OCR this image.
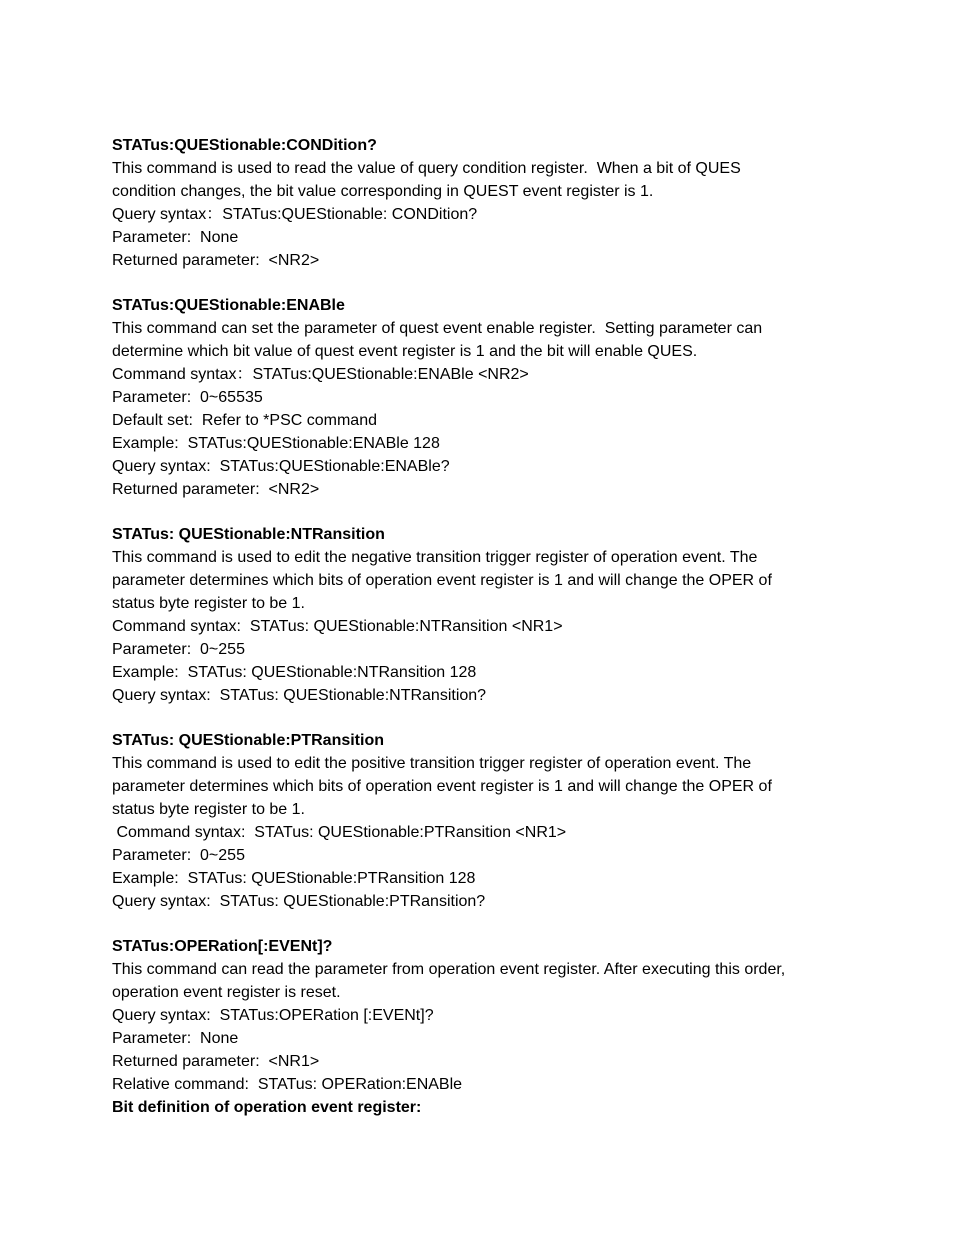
STATus:QUEStionable:CONDition?
This command is used to read the value of query condition register.  When a bit of QUES
condition changes, the bit value corresponding in QUEST event register is 1.
Query syntax：STATus:QUEStionable: CONDition?
Parameter:  None
Returned parameter:  <NR2>
STATus:QUEStionable:ENABle
This command can set the parameter of quest event enable register.  Setting parameter can
determine which bit value of quest event register is 1 and the bit will enable QUES.
Command syntax：STATus:QUEStionable:ENABle <NR2>
Parameter:  0~65535
Default set:  Refer to *PSC command
Example:  STATus:QUEStionable:ENABle 128
Query syntax:  STATus:QUEStionable:ENABle?
Returned parameter:  <NR2>
STATus: QUEStionable:NTRansition
This command is used to edit the negative transition trigger register of operation event. The
parameter determines which bits of operation event register is 1 and will change the OPER of
status byte register to be 1.
Command syntax:  STATus: QUEStionable:NTRansition <NR1>
Parameter:  0~255
Example:  STATus: QUEStionable:NTRansition 128
Query syntax:  STATus: QUEStionable:NTRansition?
STATus: QUEStionable:PTRansition
This command is used to edit the positive transition trigger register of operation event. The
parameter determines which bits of operation event register is 1 and will change the OPER of
status byte register to be 1.
Command syntax:  STATus: QUEStionable:PTRansition <NR1>
Parameter:  0~255
Example:  STATus: QUEStionable:PTRansition 128
Query syntax:  STATus: QUEStionable:PTRansition?
STATus:OPERation[:EVENt]?
This command can read the parameter from operation event register. After executing this order,
operation event register is reset.
Query syntax:  STATus:OPERation [:EVENt]?
Parameter:  None
Returned parameter:  <NR1>
Relative command:  STATus: OPERation:ENABle
Bit definition of operation event register:
